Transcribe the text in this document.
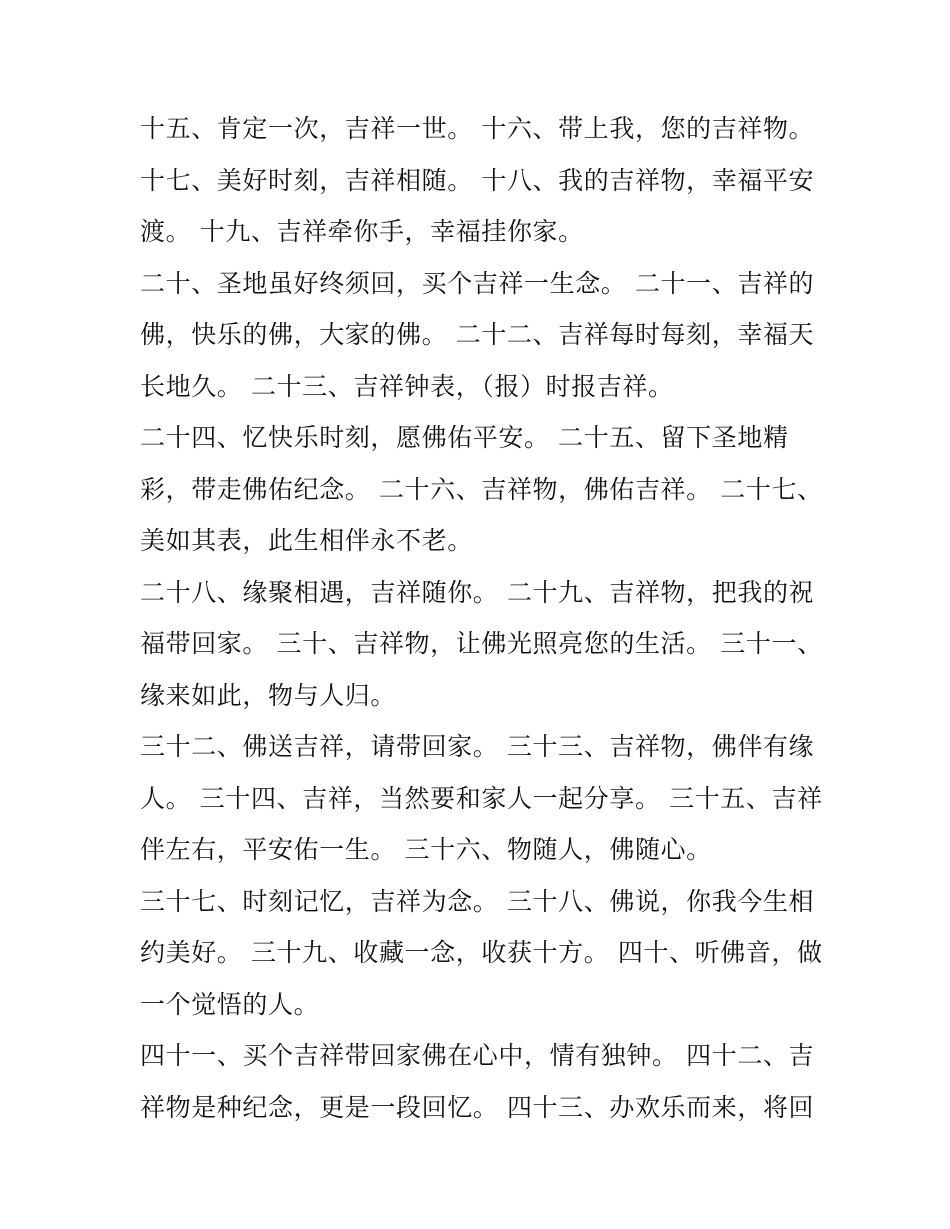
十五、肯定一次，吉祥一世。 十六、带上我，您的吉祥物。
十七、美好时刻，吉祥相随。 十八、我的吉祥物，幸福平安
渡。 十九、吉祥牵你手，幸福挂你家。
二十、圣地虽好终须回，买个吉祥一生念。 二十一、吉祥的
佛，快乐的佛，大家的佛。 二十二、吉祥每时每刻，幸福天
长地久。 二十三、吉祥钟表，（报）时报吉祥。
二十四、忆快乐时刻，愿佛佑平安。 二十五、留下圣地精
彩，带走佛佑纪念。 二十六、吉祥物，佛佑吉祥。 二十七、
美如其表，此生相伴永不老。
二十八、缘聚相遇，吉祥随你。 二十九、吉祥物，把我的祝
福带回家。 三十、吉祥物，让佛光照亮您的生活。 三十一、
缘来如此，物与人归。
三十二、佛送吉祥，请带回家。 三十三、吉祥物，佛伴有缘
人。 三十四、吉祥，当然要和家人一起分享。 三十五、吉祥
伴左右，平安佑一生。 三十六、物随人，佛随心。
三十七、时刻记忆，吉祥为念。 三十八、佛说，你我今生相
约美好。 三十九、收藏一念，收获十方。 四十、听佛音，做
一个觉悟的人。
四十一、买个吉祥带回家佛在心中，情有独钟。 四十二、吉
祥物是种纪念，更是一段回忆。 四十三、办欢乐而来，将回
